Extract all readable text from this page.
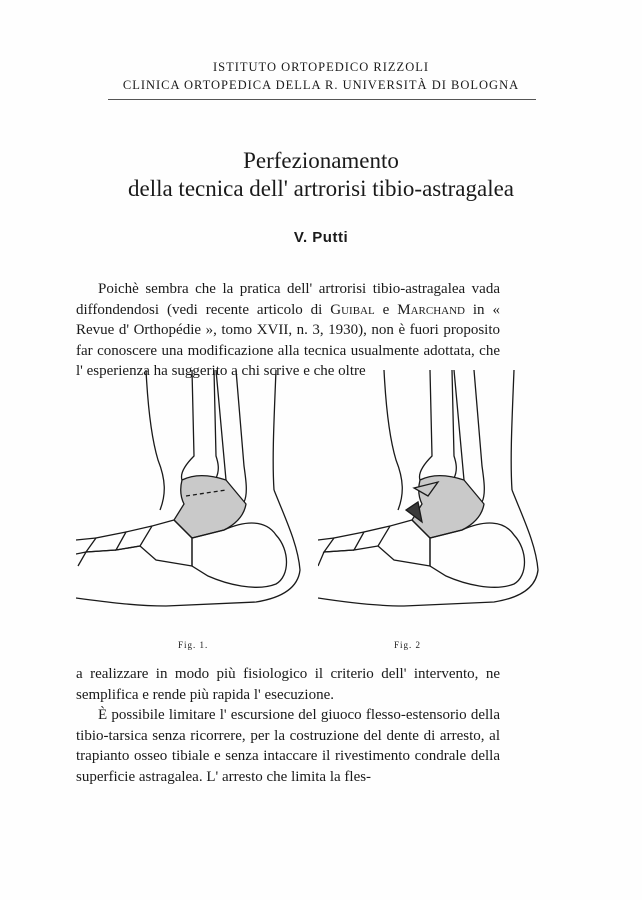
ISTITUTO ORTOPEDICO RIZZOLI
CLINICA ORTOPEDICA DELLA R. UNIVERSITÀ DI BOLOGNA
Perfezionamento
della tecnica dell' artrorisi tibio-astragalea
V. Putti
Poichè sembra che la pratica dell' artrorisi tibio-astragalea vada diffondendosi (vedi recente articolo di Guibal e Marchand in « Revue d' Orthopédie », tomo XVII, n. 3, 1930), non è fuori proposito far conoscere una modificazione alla tecnica usualmente adottata, che l' esperienza ha suggerito a chi scrive e che oltre
Fig. 1.	Fig. 2
a realizzare in modo più fisiologico il criterio dell' intervento, ne semplifica e rende più rapida l' esecuzione.
È possibile limitare l' escursione del giuoco flesso-estensorio della tibio-tarsica senza ricorrere, per la costruzione del dente di arresto, al trapianto osseo tibiale e senza intaccare il rivestimento condrale della superficie astragalea. L' arresto che limita la fles-
